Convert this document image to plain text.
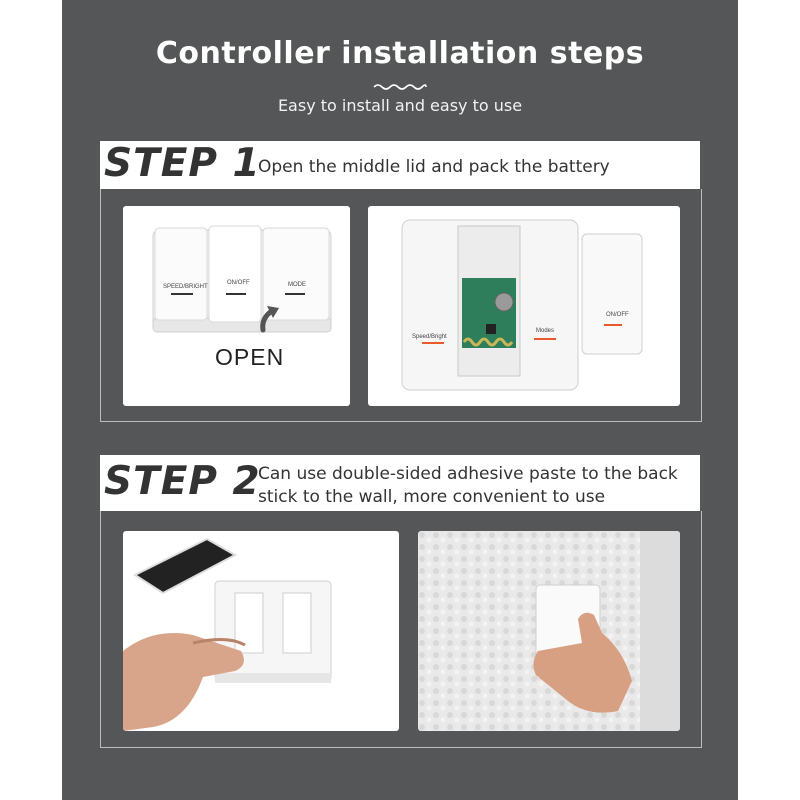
Controller installation steps
Easy to install and easy to use
STEP 1
Open the middle lid and pack the battery
SPEED/BRIGHT
ON/OFF	MODE
OPEN
Speed/Bright
Modes
ON/OFF
STEP 2
Can use double-sided adhesive paste to the back
stick to the wall, more convenient to use
